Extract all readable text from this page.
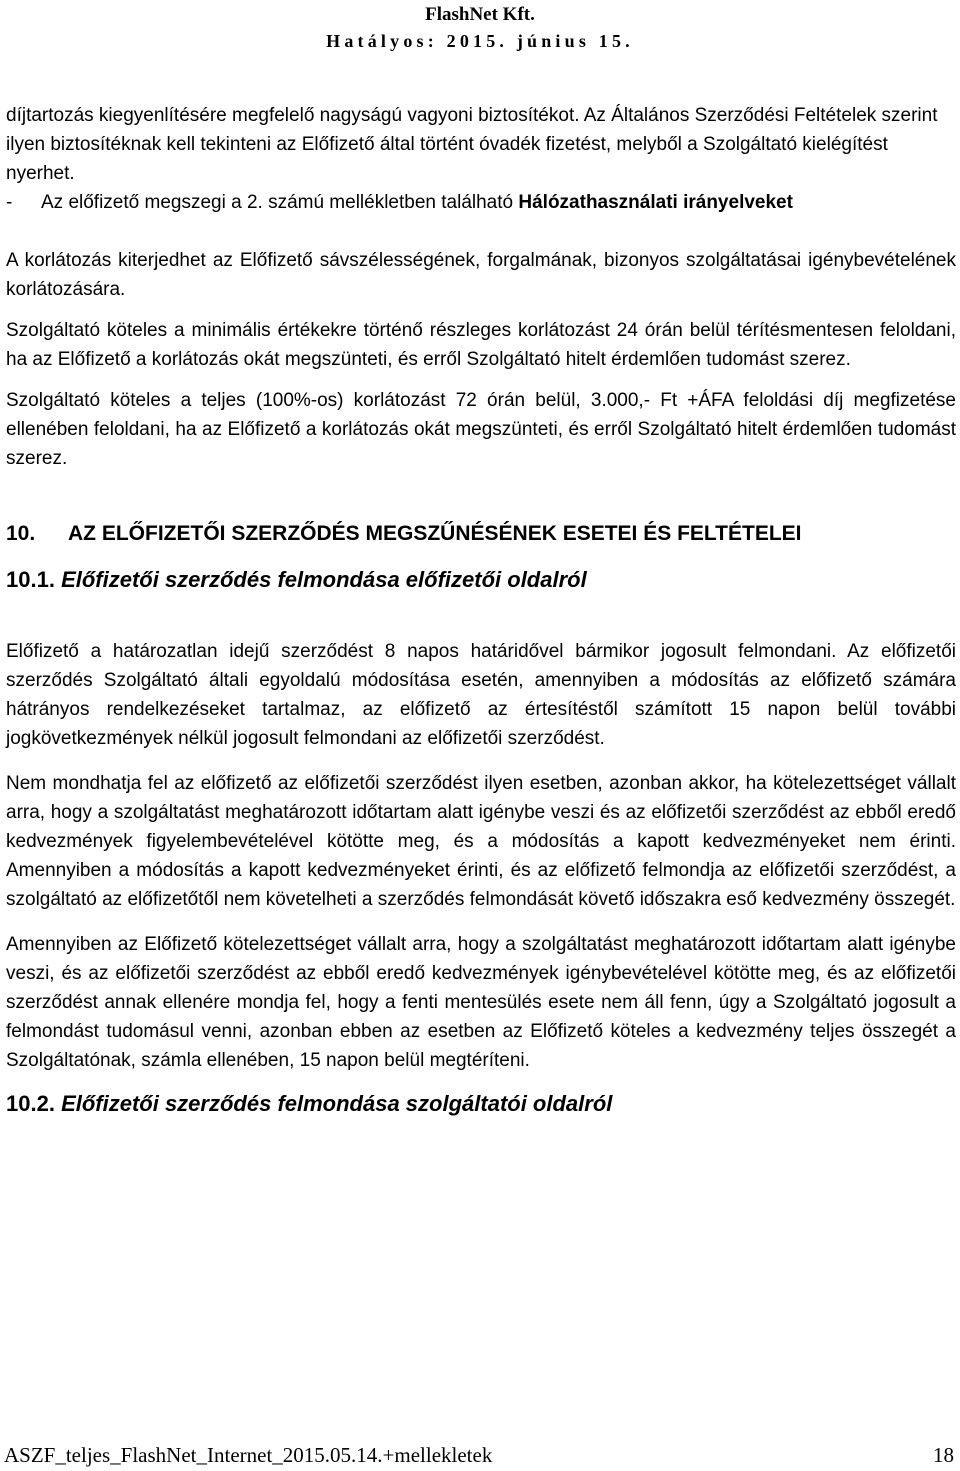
FlashNet Kft.
Hatályos: 2015. június 15.

díjtartozás kiegyenlítésére megfelelő nagyságú vagyoni biztosítékot. Az Általános Szerződési Feltételek szerint ilyen biztosítéknak kell tekinteni az Előfizető által történt óvadék fizetést, melyből a Szolgáltató kielégítést nyerhet.

- Az előfizető megszegi a 2. számú mellékletben található Hálózathasználati irányelveket

A korlátozás kiterjedhet az Előfizető sávszélességének, forgalmának, bizonyos szolgáltatásai igénybevételének korlátozására.

Szolgáltató köteles a minimális értékekre történő részleges korlátozást 24 órán belül térítésmentesen feloldani, ha az Előfizető a korlátozás okát megszünteti, és erről Szolgáltató hitelt érdemlően tudomást szerez.

Szolgáltató köteles a teljes (100%-os) korlátozást 72 órán belül, 3.000,- Ft +ÁFA feloldási díj megfizetése ellenében feloldani, ha az Előfizető a korlátozás okát megszünteti, és erről Szolgáltató hitelt érdemlően tudomást szerez.

10. AZ ELŐFIZETŐI SZERZŐDÉS MEGSZŰNÉSÉNEK ESETEI ÉS FELTÉTELEI
10.1. Előfizetői szerződés felmondása előfizetői oldalról

Előfizető a határozatlan idejű szerződést 8 napos határidővel bármikor jogosult felmondani. Az előfizetői szerződés Szolgáltató általi egyoldalú módosítása esetén, amennyiben a módosítás az előfizető számára hátrányos rendelkezéseket tartalmaz, az előfizető az értesítéstől számított 15 napon belül további jogkövetkezmények nélkül jogosult felmondani az előfizetői szerződést.

Nem mondhatja fel az előfizető az előfizetői szerződést ilyen esetben, azonban akkor, ha kötelezettséget vállalt arra, hogy a szolgáltatást meghatározott időtartam alatt igénybe veszi és az előfizetői szerződést az ebből eredő kedvezmények figyelembevételével kötötte meg, és a módosítás a kapott kedvezményeket nem érinti. Amennyiben a módosítás a kapott kedvezményeket érinti, és az előfizető felmondja az előfizetői szerződést, a szolgáltató az előfizetőtől nem követelheti a szerződés felmondását követő időszakra eső kedvezmény összegét.

Amennyiben az Előfizető kötelezettséget vállalt arra, hogy a szolgáltatást meghatározott időtartam alatt igénybe veszi, és az előfizetői szerződést az ebből eredő kedvezmények igénybevételével kötötte meg, és az előfizetői szerződést annak ellenére mondja fel, hogy a fenti mentesülés esete nem áll fenn, úgy a Szolgáltató jogosult a felmondást tudomásul venni, azonban ebben az esetben az Előfizető köteles a kedvezmény teljes összegét a Szolgáltatónak, számla ellenében, 15 napon belül megtéríteni.

10.2. Előfizetői szerződés felmondása szolgáltatói oldalról
ASZF_teljes_FlashNet_Internet_2015.05.14.+mellekletek	18
